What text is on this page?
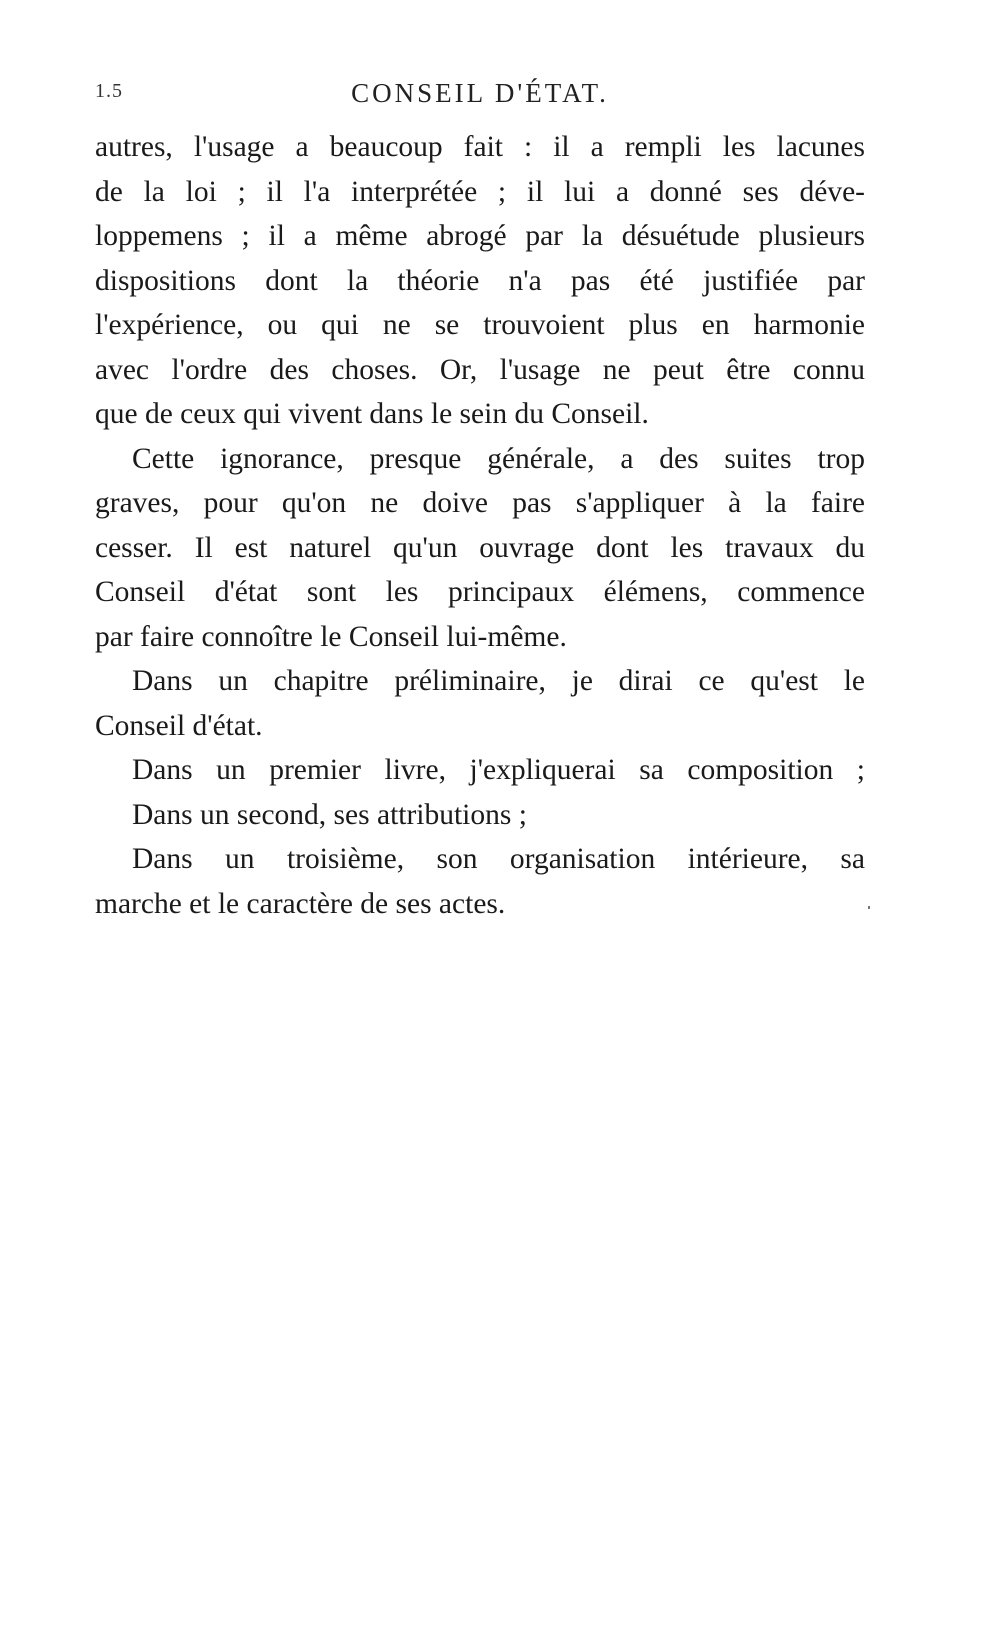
1.5	CONSEIL D'ÉTAT.
autres, l'usage a beaucoup fait : il a rempli les lacunes
de la loi ; il l'a interprétée ; il lui a donné ses déve-
loppemens ; il a même abrogé par la désuétude plusieurs
dispositions dont la théorie n'a pas été justifiée par
l'expérience, ou qui ne se trouvoient plus en harmonie
avec l'ordre des choses. Or, l'usage ne peut être connu
que de ceux qui vivent dans le sein du Conseil.
Cette ignorance, presque générale, a des suites trop
graves, pour qu'on ne doive pas s'appliquer à la faire
cesser. Il est naturel qu'un ouvrage dont les travaux du
Conseil d'état sont les principaux élémens, commence
par faire connoître le Conseil lui-même.
Dans un chapitre préliminaire, je dirai ce qu'est le
Conseil d'état.
Dans un premier livre, j'expliquerai sa composition ;
Dans un second, ses attributions ;
Dans un troisième, son organisation intérieure, sa
marche et le caractère de ses actes.
